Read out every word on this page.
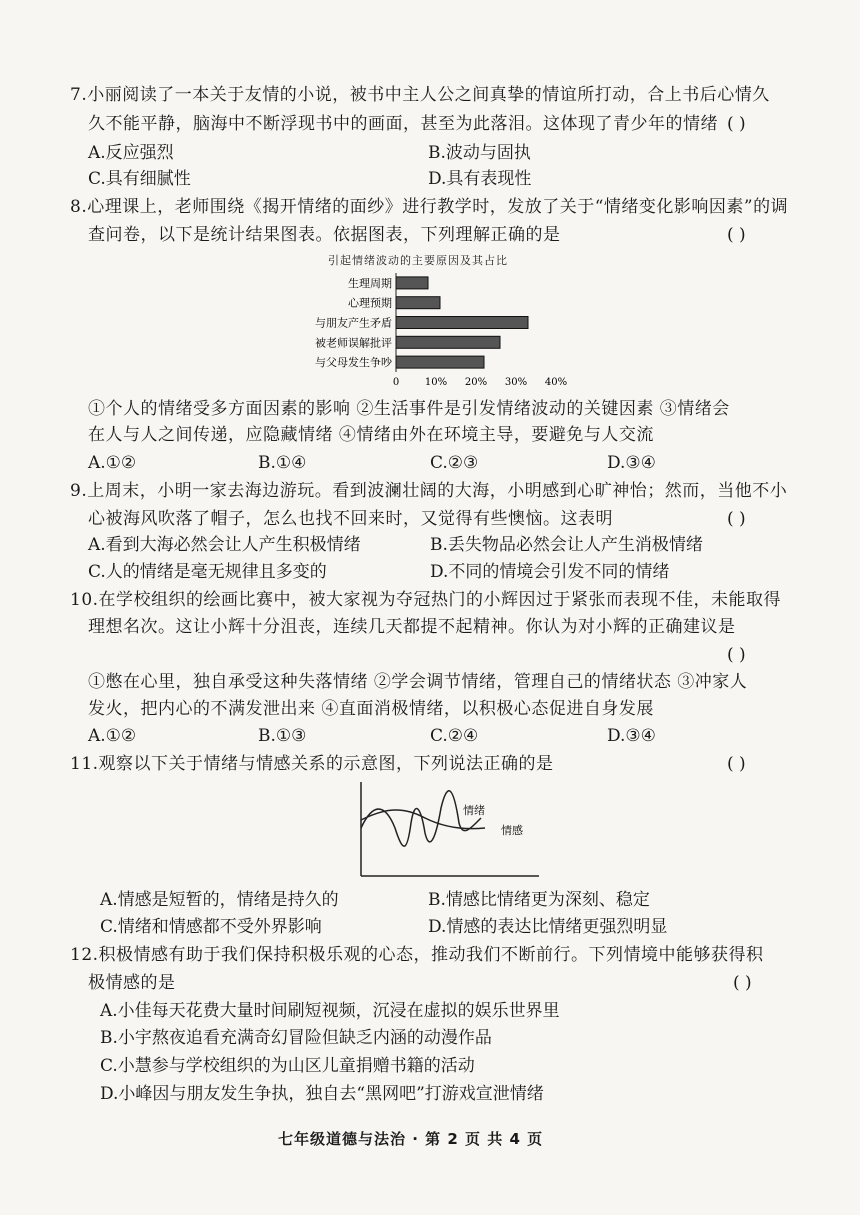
7.小丽阅读了一本关于友情的小说，被书中主人公之间真挚的情谊所打动，合上书后心情久
久不能平静，脑海中不断浮现书中的画面，甚至为此落泪。这体现了青少年的情绪 ( )
A.反应强烈	B.波动与固执
C.具有细腻性	D.具有表现性
8.心理课上，老师围绕《揭开情绪的面纱》进行教学时，发放了关于“情绪变化影响因素”的调
查问卷，以下是统计结果图表。依据图表，下列理解正确的是	( )
引起情绪波动的主要原因及其占比
生理周期
心理预期
与朋友产生矛盾
被老师误解批评
与父母发生争吵
0	10% 20% 30% 40%
①个人的情绪受多方面因素的影响 ②生活事件是引发情绪波动的关键因素 ③情绪会
在人与人之间传递，应隐藏情绪 ④情绪由外在环境主导，要避免与人交流
A.①②	B.①④	C.②③	D.③④
9.上周末，小明一家去海边游玩。看到波澜壮阔的大海，小明感到心旷神怡；然而，当他不小
心被海风吹落了帽子，怎么也找不回来时，又觉得有些懊恼。这表明	( )
A.看到大海必然会让人产生积极情绪	B.丢失物品必然会让人产生消极情绪
C.人的情绪是毫无规律且多变的	D.不同的情境会引发不同的情绪
10.在学校组织的绘画比赛中，被大家视为夺冠热门的小辉因过于紧张而表现不佳，未能取得
理想名次。这让小辉十分沮丧，连续几天都提不起精神。你认为对小辉的正确建议是
( )
①憋在心里，独自承受这种失落情绪 ②学会调节情绪，管理自己的情绪状态 ③冲家人
发火，把内心的不满发泄出来 ④直面消极情绪，以积极心态促进自身发展
A.①②	B.①③	C.②④	D.③④
11.观察以下关于情绪与情感关系的示意图，下列说法正确的是	( )
情绪
情感
A.情感是短暂的，情绪是持久的	B.情感比情绪更为深刻、稳定
C.情绪和情感都不受外界影响	D.情感的表达比情绪更强烈明显
12.积极情感有助于我们保持积极乐观的心态，推动我们不断前行。下列情境中能够获得积
极情感的是	( )
A.小佳每天花费大量时间刷短视频，沉浸在虚拟的娱乐世界里
B.小宇熬夜追看充满奇幻冒险但缺乏内涵的动漫作品
C.小慧参与学校组织的为山区儿童捐赠书籍的活动
D.小峰因与朋友发生争执，独自去“黑网吧”打游戏宣泄情绪
七年级道德与法治 · 第 2 页 共 4 页
